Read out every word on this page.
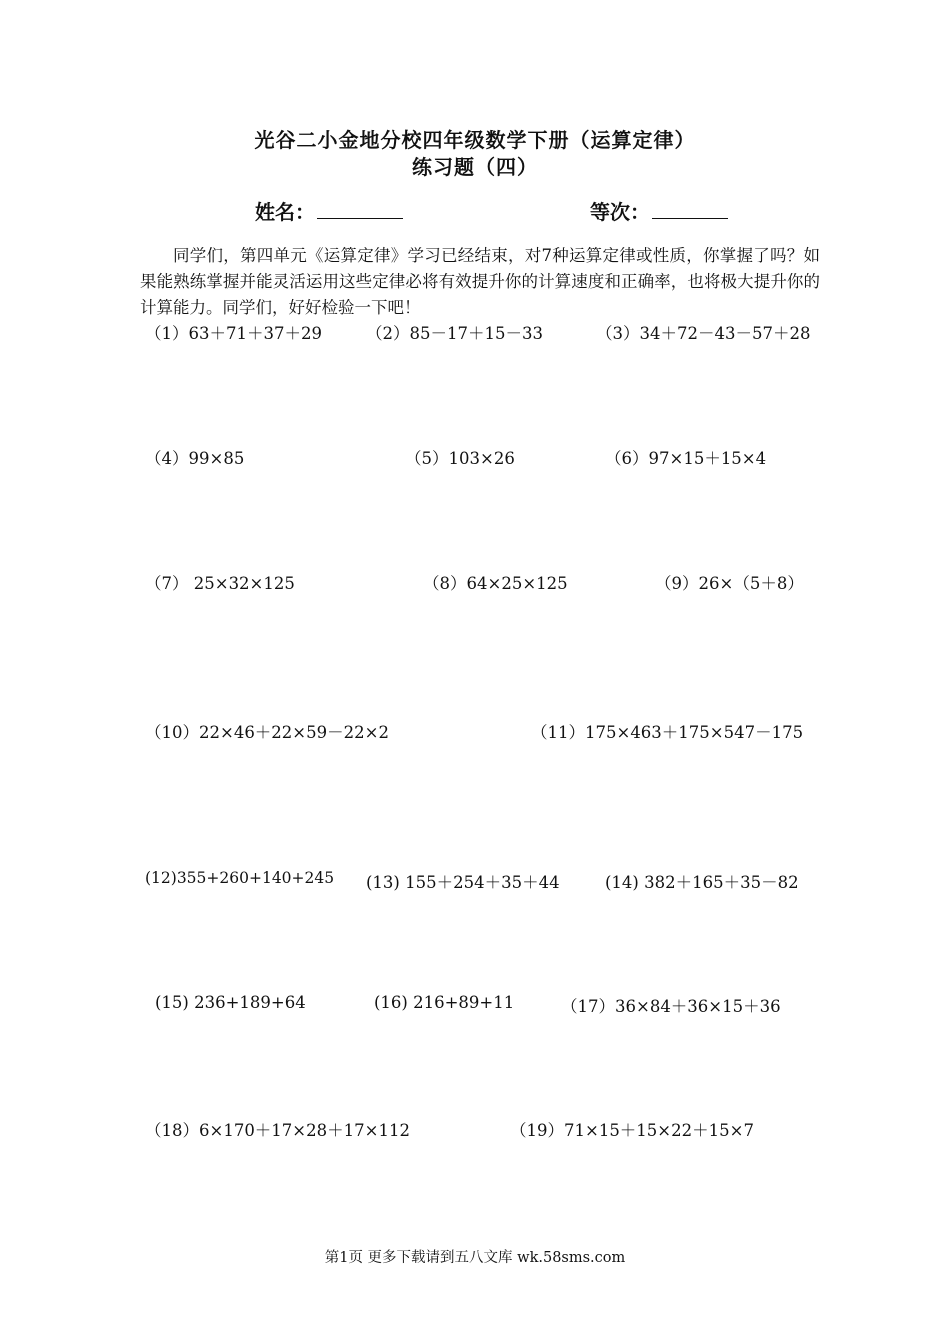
光谷二小金地分校四年级数学下册（运算定律）
练习题（四）
姓名：	等次：
同学们，第四单元《运算定律》学习已经结束，对7种运算定律或性质，你掌握了吗？如果能熟练掌握并能灵活运用这些定律必将有效提升你的计算速度和正确率，也将极大提升你的计算能力。同学们，好好检验一下吧！
（1）63＋71＋37＋29	（2）85－17＋15－33	（3）34＋72－43－57＋28
（4）99×85	（5）103×26	（6）97×15＋15×4
（7） 25×32×125	（8）64×25×125	（9）26×（5＋8）
（10）22×46＋22×59－22×2	（11）175×463＋175×547－175
(12)355+260+140+245 (13) 155＋254＋35＋44	(14) 382＋165＋35－82
(15) 236+189+64	(16) 216+89+11	（17）36×84＋36×15＋36
（18）6×170＋17×28＋17×112	（19）71×15＋15×22＋15×7
第1页 更多下载请到五八文库 wk.58sms.com
